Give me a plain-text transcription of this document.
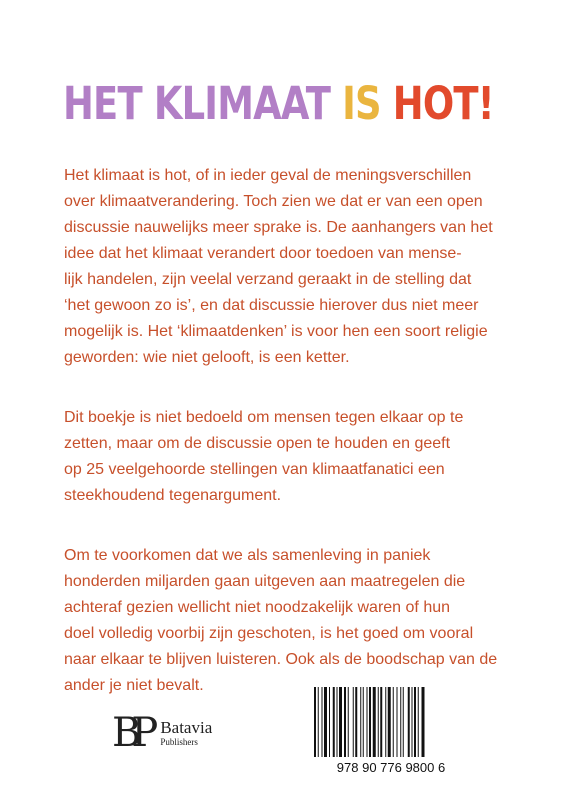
HET KLIMAAT IS HOT!
Het klimaat is hot, of in ieder geval de meningsverschillen
over klimaatverandering. Toch zien we dat er van een open
discussie nauwelijks meer sprake is. De aanhangers van het
idee dat het klimaat verandert door toedoen van mense-
lijk handelen, zijn veelal verzand geraakt in de stelling dat
‘het gewoon zo is’, en dat discussie hierover dus niet meer
mogelijk is. Het ‘klimaatdenken’ is voor hen een soort religie
geworden: wie niet gelooft, is een ketter.
Dit boekje is niet bedoeld om mensen tegen elkaar op te
zetten, maar om de discussie open te houden en geeft
op 25 veelgehoorde stellingen van klimaatfanatici een
steekhoudend tegenargument.
Om te voorkomen dat we als samenleving in paniek
honderden miljarden gaan uitgeven aan maatregelen die
achteraf gezien wellicht niet noodzakelijk waren of hun
doel volledig voorbij zijn geschoten, is het goed om vooral
naar elkaar te blijven luisteren. Ook als de boodschap van de
ander je niet bevalt.
BP Batavia
Publishers
978 90 776 9800 6
